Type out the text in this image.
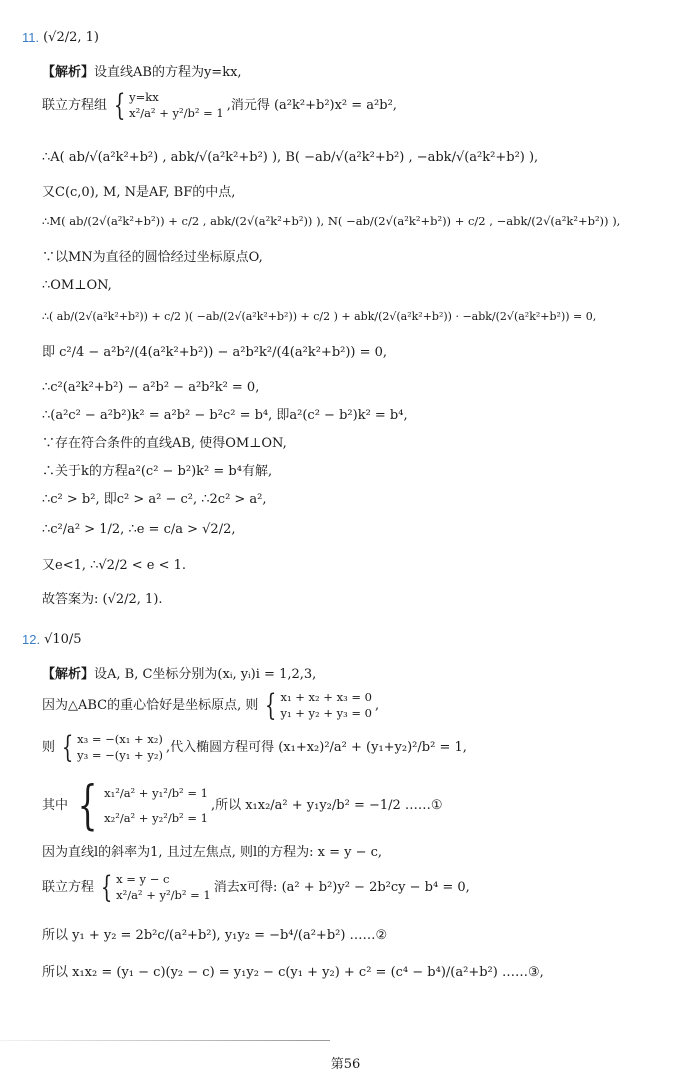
11. (√2/2, 1)
【解析】 设直线AB的方程为y=kx,
联立方程组 { y=kx
x²/a² + y²/b² = 1 ,消元得 (a²k²+b²)x² = a²b²,
∴A( ab/√(a²k²+b²) , abk/√(a²k²+b²) ), B( −ab/√(a²k²+b²) , −abk/√(a²k²+b²) ),
又C(c,0), M, N是AF, BF的中点,
∴M( ab/(2√(a²k²+b²)) + c/2 , abk/(2√(a²k²+b²)) ), N( −ab/(2√(a²k²+b²)) + c/2 , −abk/(2√(a²k²+b²)) ),
∵以MN为直径的圆恰经过坐标原点O,
∴OM⊥ON,
∴( ab/(2√(a²k²+b²)) + c/2 )( −ab/(2√(a²k²+b²)) + c/2 ) + abk/(2√(a²k²+b²)) · −abk/(2√(a²k²+b²)) = 0,
即 c²/4 − a²b²/(4(a²k²+b²)) − a²b²k²/(4(a²k²+b²)) = 0,
∴c²(a²k²+b²) − a²b² − a²b²k² = 0,
∴(a²c² − a²b²)k² = a²b² − b²c² = b⁴, 即a²(c² − b²)k² = b⁴,
∵存在符合条件的直线AB, 使得OM⊥ON,
∴关于k的方程a²(c² − b²)k² = b⁴有解,
∴c² > b², 即c² > a² − c², ∴2c² > a²,
∴c²/a² > 1/2, ∴e = c/a > √2/2,
又e<1, ∴√2/2 < e < 1.
故答案为: (√2/2, 1).
12. √10/5
【解析】 设A, B, C坐标分别为(xᵢ, yᵢ)i = 1,2,3,
因为△ABC的重心恰好是坐标原点, 则 { x₁ + x₂ + x₃ = 0
y₁ + y₂ + y₃ = 0 ,
则 { x₃ = −(x₁ + x₂)
y₃ = −(y₁ + y₂) ,代入椭圆方程可得 (x₁+x₂)²/a² + (y₁+y₂)²/b² = 1,
其中 { x₁²/a² + y₁²/b² = 1
x₂²/a² + y₂²/b² = 1
,所以 x₁x₂/a² + y₁y₂/b² = −1/2 ……①
因为直线l的斜率为1, 且过左焦点, 则l的方程为: x = y − c,
联立方程 { x = y − c
x²/a² + y²/b² = 1 消去x可得: (a² + b²)y² − 2b²cy − b⁴ = 0,
所以 y₁ + y₂ = 2b²c/(a²+b²), y₁y₂ = −b⁴/(a²+b²) ……②
所以 x₁x₂ = (y₁ − c)(y₂ − c) = y₁y₂ − c(y₁ + y₂) + c² = (c⁴ − b⁴)/(a²+b²) ……③,
第56
